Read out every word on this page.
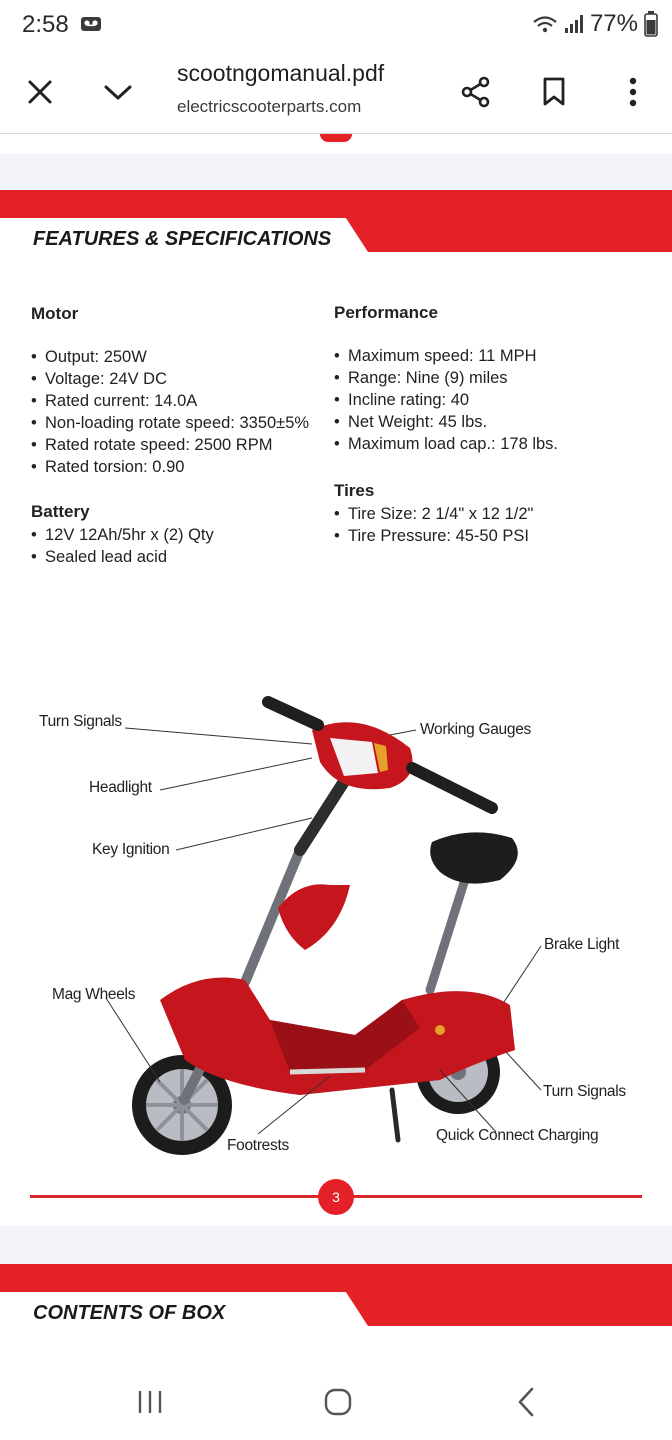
2:58	77%
scootngomanual.pdf
electricscooterparts.com
FEATURES & SPECIFICATIONS
Motor
• Output: 250W
• Voltage: 24V DC
• Rated current: 14.0A
• Non-loading rotate speed: 3350±5%
• Rated rotate speed: 2500 RPM
• Rated torsion: 0.90
Battery
• 12V 12Ah/5hr x (2) Qty
• Sealed lead acid
Performance
• Maximum speed: 11 MPH
• Range: Nine (9) miles
• Incline rating: 40
• Net Weight: 45 lbs.
• Maximum load cap.: 178 lbs.
Tires
• Tire Size: 2 1/4" x 12 1/2"
• Tire Pressure: 45-50 PSI
Turn Signals	Working Gauges
Headlight
Key Ignition
Brake Light
Mag Wheels
Turn Signals
Quick Connect Charging
Footrests
3
CONTENTS OF BOX
